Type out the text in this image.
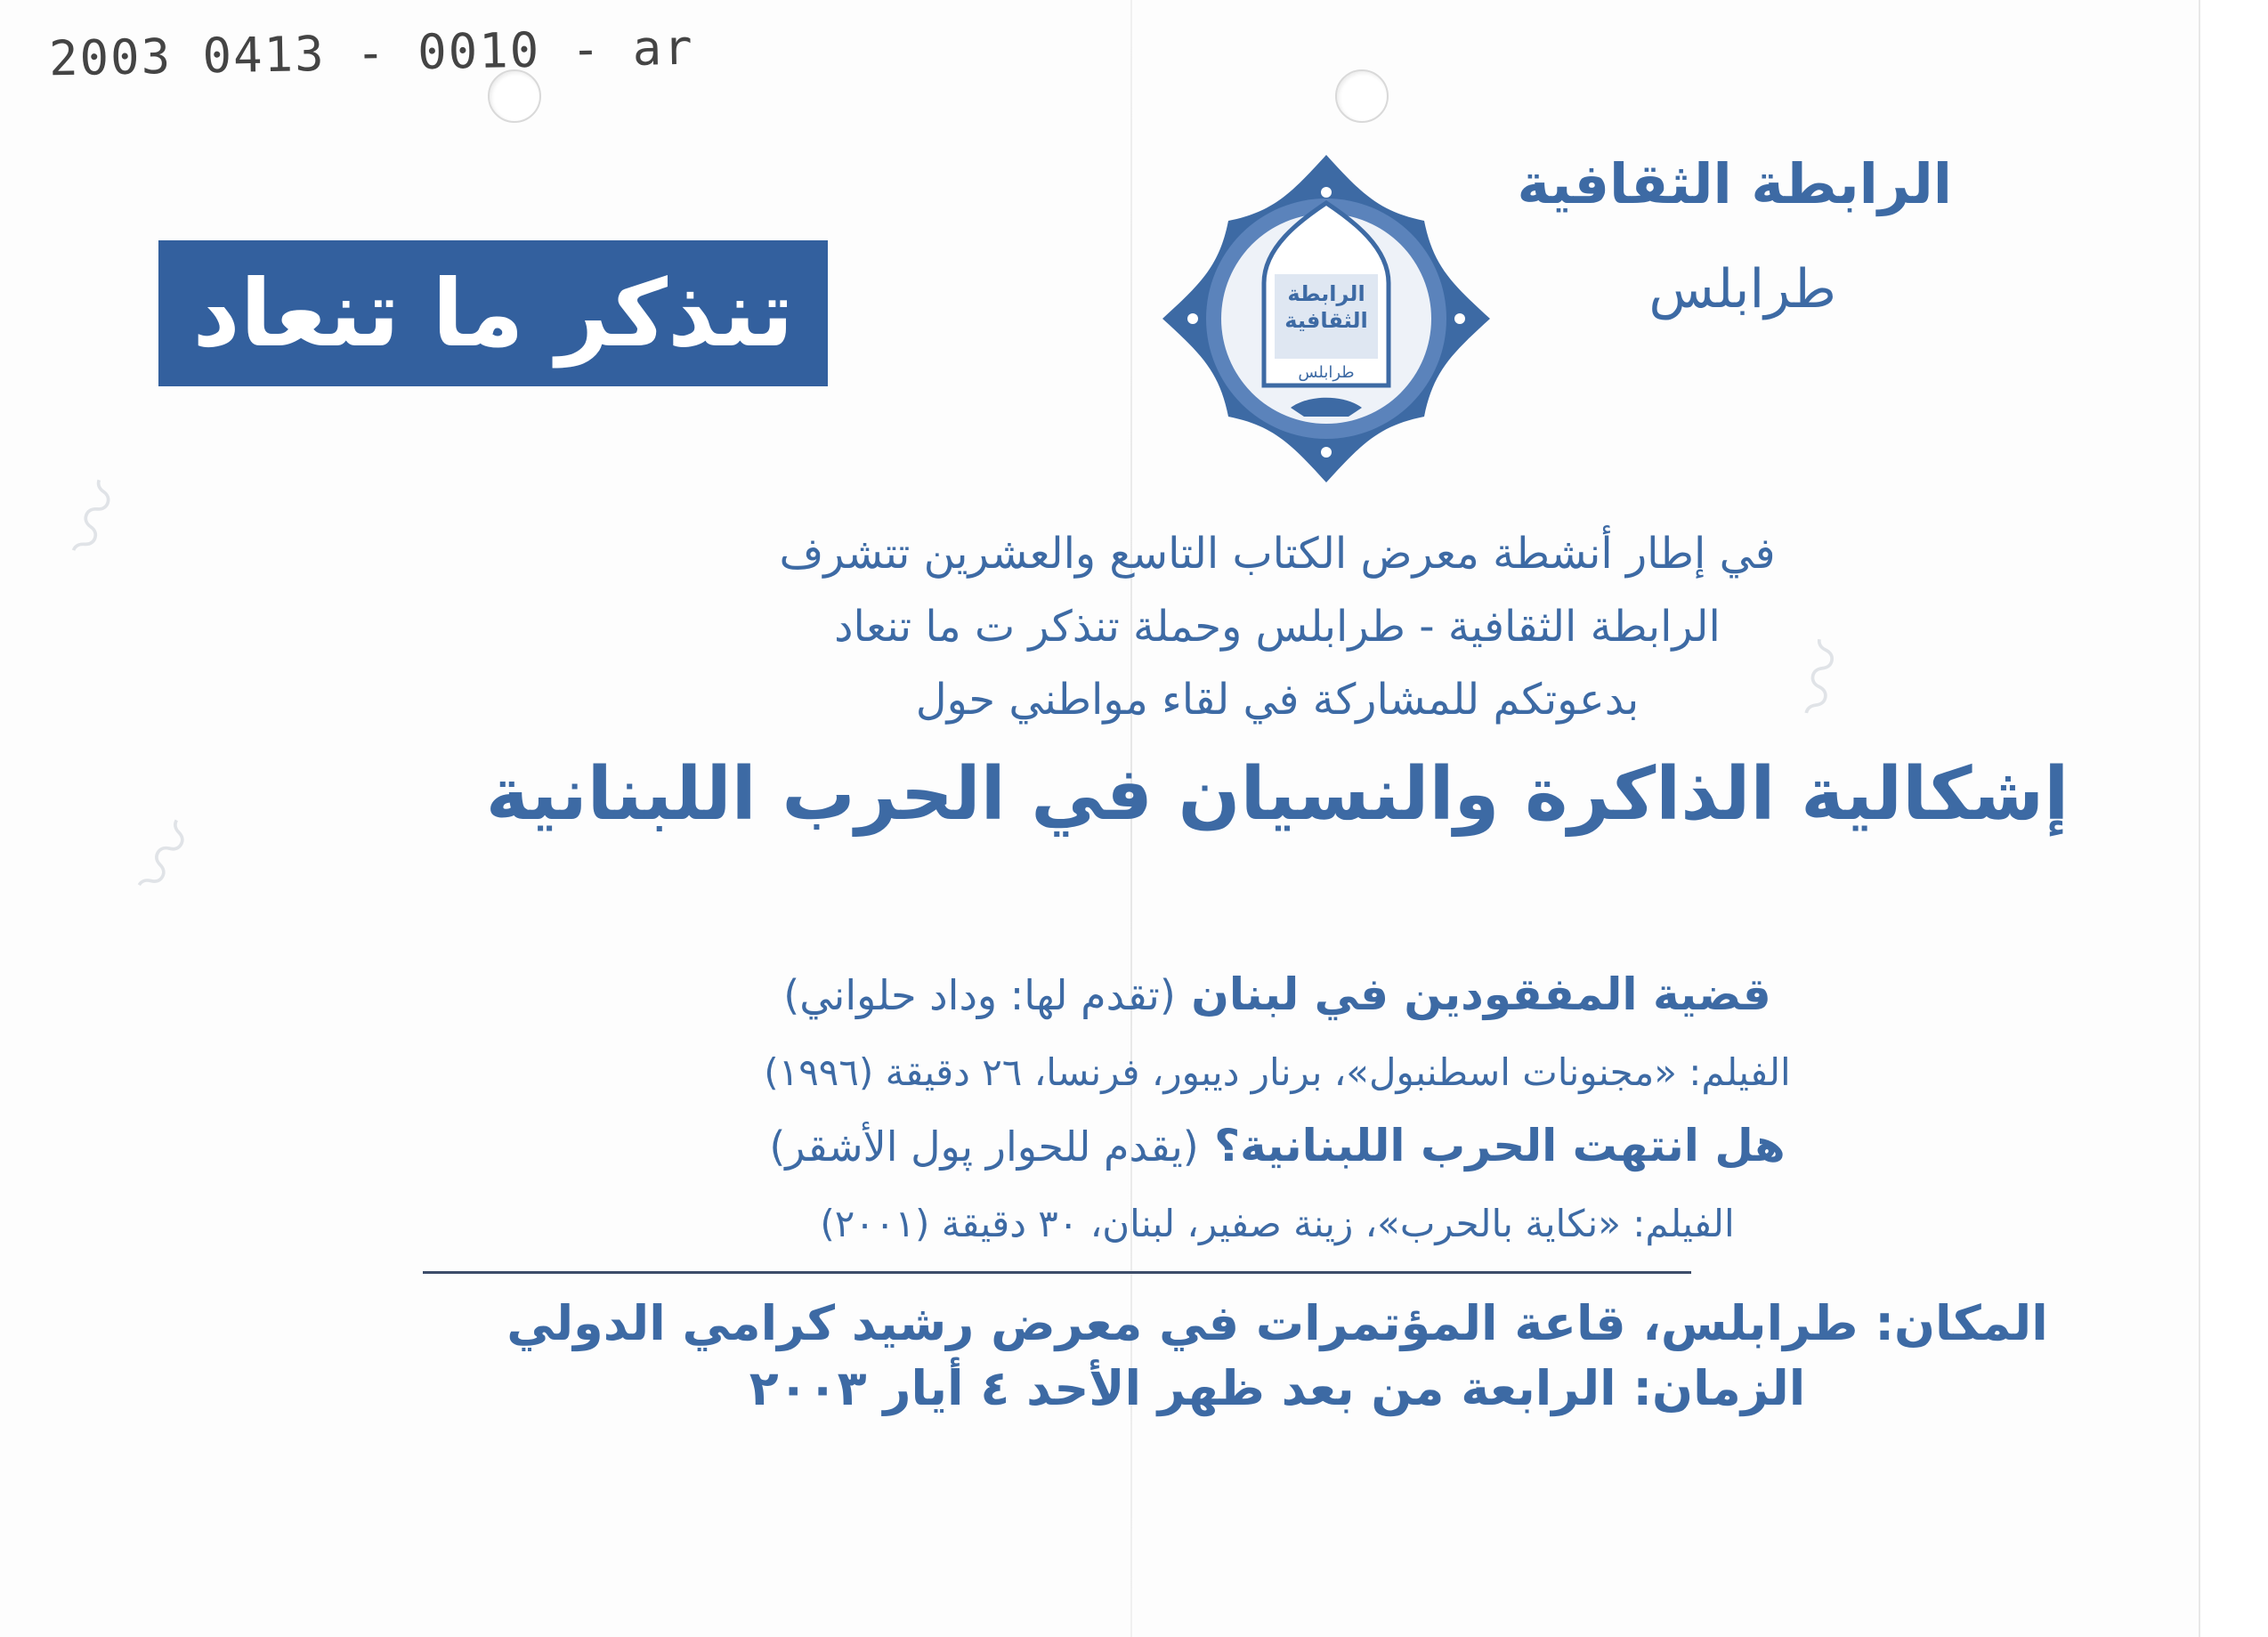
2003 0413 - 0010 - ar
〰
〰
〰
الرابطة الثقافية
طرابلس
الرابطة
الثقافية
طرابلس
تنذكر ما تنعاد
في إطار أنشطة معرض الكتاب التاسع والعشرين تتشرف
الرابطة الثقافية - طرابلس وحملة تنذكر ت ما تنعاد
بدعوتكم للمشاركة في لقاء مواطني حول
إشكالية الذاكرة والنسيان في الحرب اللبنانية
قضية المفقودين في لبنان (تقدم لها: وداد حلواني)
الفيلم: «مجنونات اسطنبول»، برنار ديبور، فرنسا، ٢٦ دقيقة (١٩٩٦)
هل انتهت الحرب اللبنانية؟ (يقدم للحوار پول الأشقر)
الفيلم: «نكاية بالحرب»، زينة صفير، لبنان، ٣٠ دقيقة (٢٠٠١)
المكان: طرابلس، قاعة المؤتمرات في معرض رشيد كرامي الدولي
الزمان: الرابعة من بعد ظهر الأحد ٤ أيار ٢٠٠٣
